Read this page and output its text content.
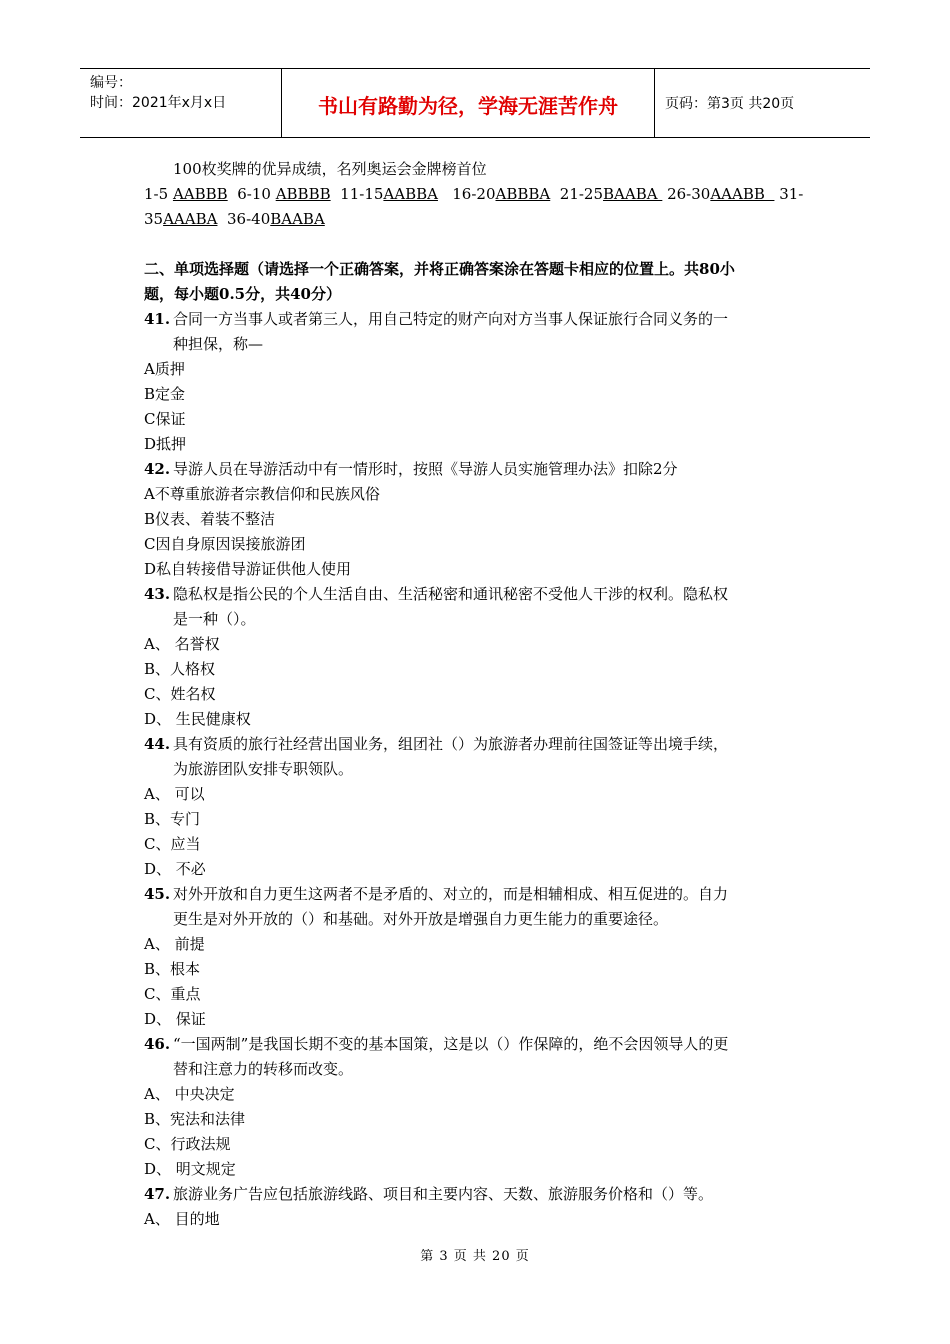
编号：
时间：2021年x月x日	书山有路勤为径，学海无涯苦作舟	页码：第3页 共20页
100枚奖牌的优异成绩，名列奥运会金牌榜首位
1-5 AABBB  6-10 ABBBB  11-15AABBA   16-20ABBBA  21-25BAABA  26-30AAABB   31-
35AAABA  36-40BAABA
二、单项选择题（请选择一个正确答案，并将正确答案涂在答题卡相应的位置上。共80小
题，每小题0.5分，共40分）
41. 合同一方当事人或者第三人，用自己特定的财产向对方当事人保证旅行合同义务的一
种担保，称—
A质押
B定金
C保证
D抵押
42. 导游人员在导游活动中有一情形时，按照《导游人员实施管理办法》扣除2分
A不尊重旅游者宗教信仰和民族风俗
B仪表、着装不整洁
C因自身原因误接旅游团
D私自转接借导游证供他人使用
43. 隐私权是指公民的个人生活自由、生活秘密和通讯秘密不受他人干涉的权利。隐私权
是一种（）。
A、 名誉权
B、人格权
C、姓名权
D、 生民健康权
44. 具有资质的旅行社经营出国业务，组团社（）为旅游者办理前往国签证等出境手续，
为旅游团队安排专职领队。
A、 可以
B、专门
C、应当
D、 不必
45. 对外开放和自力更生这两者不是矛盾的、对立的，而是相辅相成、相互促进的。自力
更生是对外开放的（）和基础。对外开放是增强自力更生能力的重要途径。
A、 前提
B、根本
C、重点
D、 保证
46. “一国两制”是我国长期不变的基本国策，这是以（）作保障的，绝不会因领导人的更
替和注意力的转移而改变。
A、 中央决定
B、宪法和法律
C、行政法规
D、 明文规定
47. 旅游业务广告应包括旅游线路、项目和主要内容、天数、旅游服务价格和（）等。
A、 目的地
第 3 页 共 20 页
